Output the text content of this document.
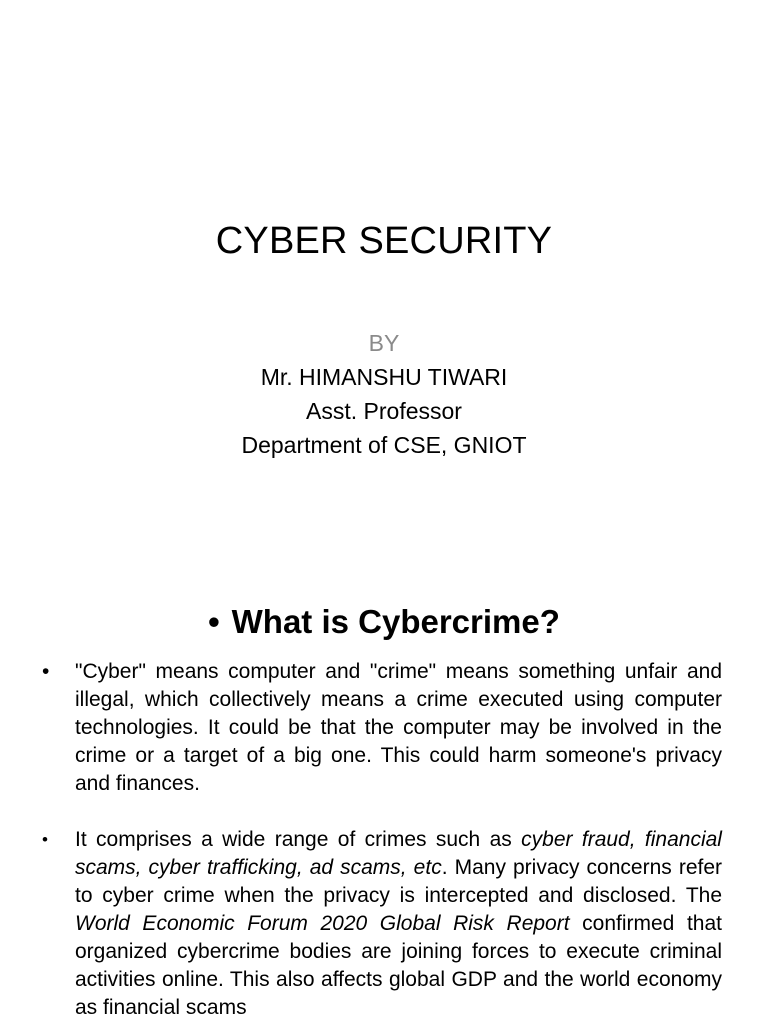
CYBER SECURITY
BY
Mr. HIMANSHU TIWARI
Asst. Professor
Department of CSE, GNIOT
• What is Cybercrime?
• "Cyber" means computer and "crime" means something unfair and illegal, which collectively means a crime executed using computer technologies. It could be that the computer may be involved in the crime or a target of a big one. This could harm someone's privacy and finances.
• It comprises a wide range of crimes such as cyber fraud, financial scams, cyber trafficking, ad scams, etc. Many privacy concerns refer to cyber crime when the privacy is intercepted and disclosed. The World Economic Forum 2020 Global Risk Report confirmed that organized cybercrime bodies are joining forces to execute criminal activities online. This also affects global GDP and the world economy as financial scams
